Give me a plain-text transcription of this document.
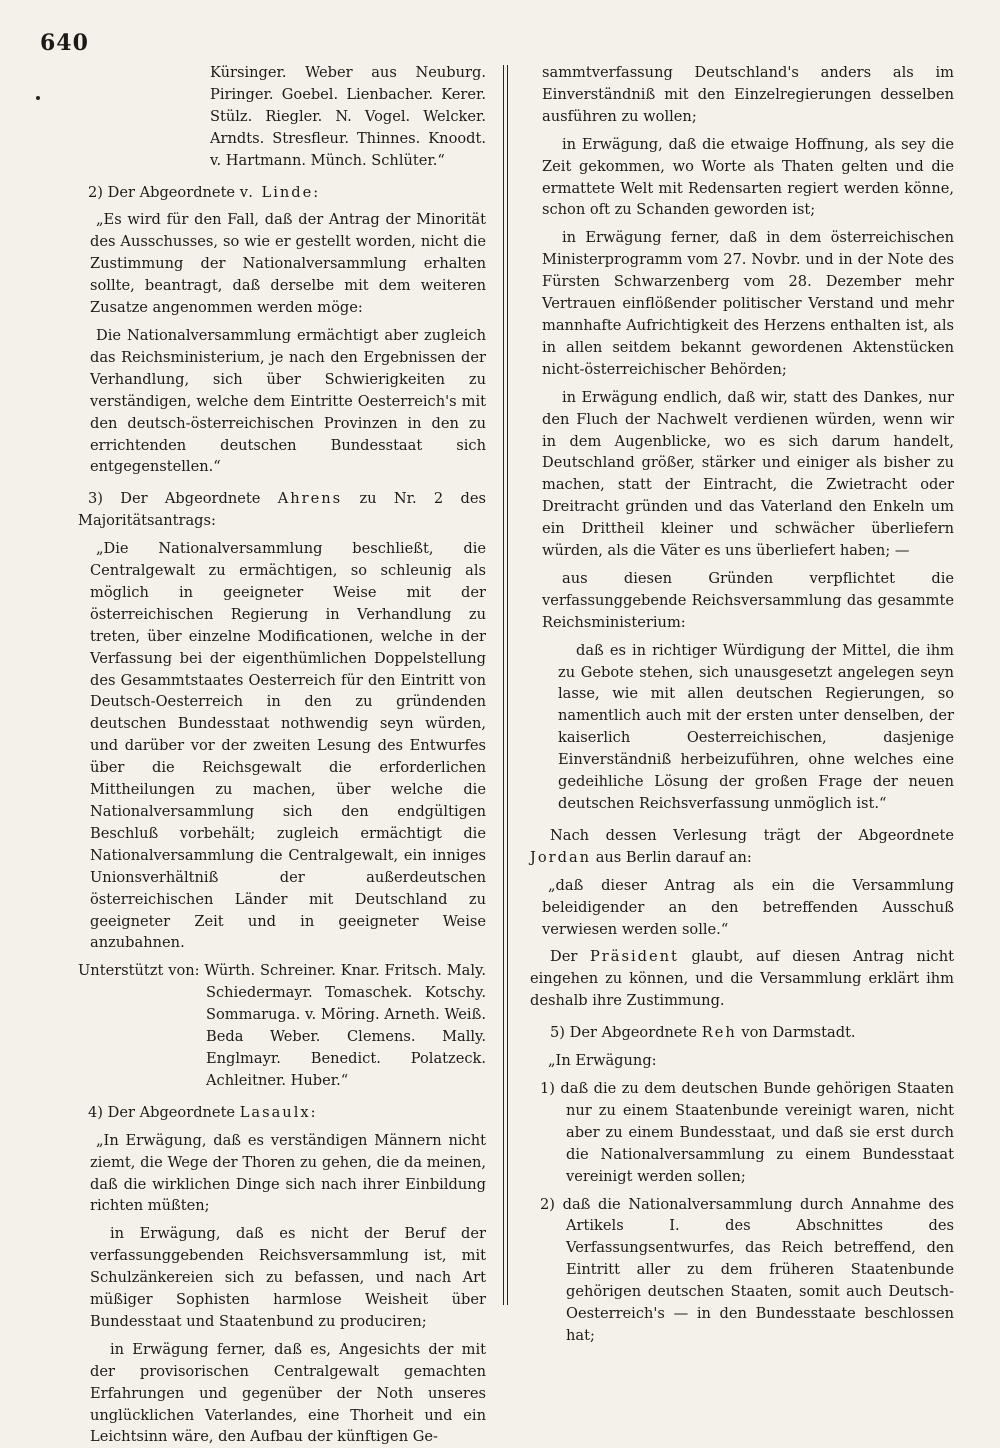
640

Kürsinger. Weber aus Neuburg. Piringer. Goebel. Lienbacher. Kerer. Stülz. Riegler. N. Vogel. Welcker. Arndts. Stresfleur. Thinnes. Knoodt. v. Hartmann. Münch. Schlüter.“

2) Der Abgeordnete v. Linde:

„Es wird für den Fall, daß der Antrag der Minorität des Ausschusses, so wie er gestellt worden, nicht die Zustimmung der Nationalversammlung erhalten sollte, beantragt, daß derselbe mit dem weiteren Zusatze angenommen werden möge:

Die Nationalversammlung ermächtigt aber zugleich das Reichsministerium, je nach den Ergebnissen der Verhandlung, sich über Schwierigkeiten zu verständigen, welche dem Eintritte Oesterreich's mit den deutsch-österreichischen Provinzen in den zu errichtenden deutschen Bundesstaat sich entgegenstellen.“

3) Der Abgeordnete Ahrens zu Nr. 2 des Majoritätsantrags:

„Die Nationalversammlung beschließt, die Centralgewalt zu ermächtigen, so schleunig als möglich in geeigneter Weise mit der österreichischen Regierung in Verhandlung zu treten, über einzelne Modificationen, welche in der Verfassung bei der eigenthümlichen Doppelstellung des Gesammtstaates Oesterreich für den Eintritt von Deutsch-Oesterreich in den zu gründenden deutschen Bundesstaat nothwendig seyn würden, und darüber vor der zweiten Lesung des Entwurfes über die Reichsgewalt die erforderlichen Mittheilungen zu machen, über welche die Nationalversammlung sich den endgültigen Beschluß vorbehält; zugleich ermächtigt die Nationalversammlung die Centralgewalt, ein inniges Unionsverhältniß der außerdeutschen österreichischen Länder mit Deutschland zu geeigneter Zeit und in geeigneter Weise anzubahnen.

Unterstützt von: Würth. Schreiner. Knar. Fritsch. Maly. Schiedermayr. Tomaschek. Kotschy. Sommaruga. v. Möring. Arneth. Weiß. Beda Weber. Clemens. Mally. Englmayr. Benedict. Polatzeck. Achleitner. Huber.“

4) Der Abgeordnete Lasaulx:

„In Erwägung, daß es verständigen Männern nicht ziemt, die Wege der Thoren zu gehen, die da meinen, daß die wirklichen Dinge sich nach ihrer Einbildung richten müßten;

in Erwägung, daß es nicht der Beruf der verfassunggebenden Reichsversammlung ist, mit Schulzänkereien sich zu befassen, und nach Art müßiger Sophisten harmlose Weisheit über Bundesstaat und Staatenbund zu produciren;

in Erwägung ferner, daß es, Angesichts der mit der provisorischen Centralgewalt gemachten Erfahrungen und gegenüber der Noth unseres unglücklichen Vaterlandes, eine Thorheit und ein Leichtsinn wäre, den Aufbau der künftigen Ge-

sammtverfassung Deutschland's anders als im Einverständniß mit den Einzelregierungen desselben ausführen zu wollen;

in Erwägung, daß die etwaige Hoffnung, als sey die Zeit gekommen, wo Worte als Thaten gelten und die ermattete Welt mit Redensarten regiert werden könne, schon oft zu Schanden geworden ist;

in Erwägung ferner, daß in dem österreichischen Ministerprogramm vom 27. Novbr. und in der Note des Fürsten Schwarzenberg vom 28. Dezember mehr Vertrauen einflößender politischer Verstand und mehr mannhafte Aufrichtigkeit des Herzens enthalten ist, als in allen seitdem bekannt gewordenen Aktenstücken nicht-österreichischer Behörden;

in Erwägung endlich, daß wir, statt des Dankes, nur den Fluch der Nachwelt verdienen würden, wenn wir in dem Augenblicke, wo es sich darum handelt, Deutschland größer, stärker und einiger als bisher zu machen, statt der Eintracht, die Zwietracht oder Dreitracht gründen und das Vaterland den Enkeln um ein Drittheil kleiner und schwächer überliefern würden, als die Väter es uns überliefert haben; —

aus diesen Gründen verpflichtet die verfassunggebende Reichsversammlung das gesammte Reichsministerium:

daß es in richtiger Würdigung der Mittel, die ihm zu Gebote stehen, sich unausgesetzt angelegen seyn lasse, wie mit allen deutschen Regierungen, so namentlich auch mit der ersten unter denselben, der kaiserlich Oesterreichischen, dasjenige Einverständniß herbeizuführen, ohne welches eine gedeihliche Lösung der großen Frage der neuen deutschen Reichsverfassung unmöglich ist.“

Nach dessen Verlesung trägt der Abgeordnete Jordan aus Berlin darauf an:

„daß dieser Antrag als ein die Versammlung beleidigender an den betreffenden Ausschuß verwiesen werden solle.“

Der Präsident glaubt, auf diesen Antrag nicht eingehen zu können, und die Versammlung erklärt ihm deshalb ihre Zustimmung.

5) Der Abgeordnete Reh von Darmstadt.

„In Erwägung:

1) daß die zu dem deutschen Bunde gehörigen Staaten nur zu einem Staatenbunde vereinigt waren, nicht aber zu einem Bundesstaat, und daß sie erst durch die Nationalversammlung zu einem Bundesstaat vereinigt werden sollen;

2) daß die Nationalversammlung durch Annahme des Artikels I. des Abschnittes des Verfassungsentwurfes, das Reich betreffend, den Eintritt aller zu dem früheren Staatenbunde gehörigen deutschen Staaten, somit auch Deutsch-Oesterreich's — in den Bundesstaate beschlossen hat;
